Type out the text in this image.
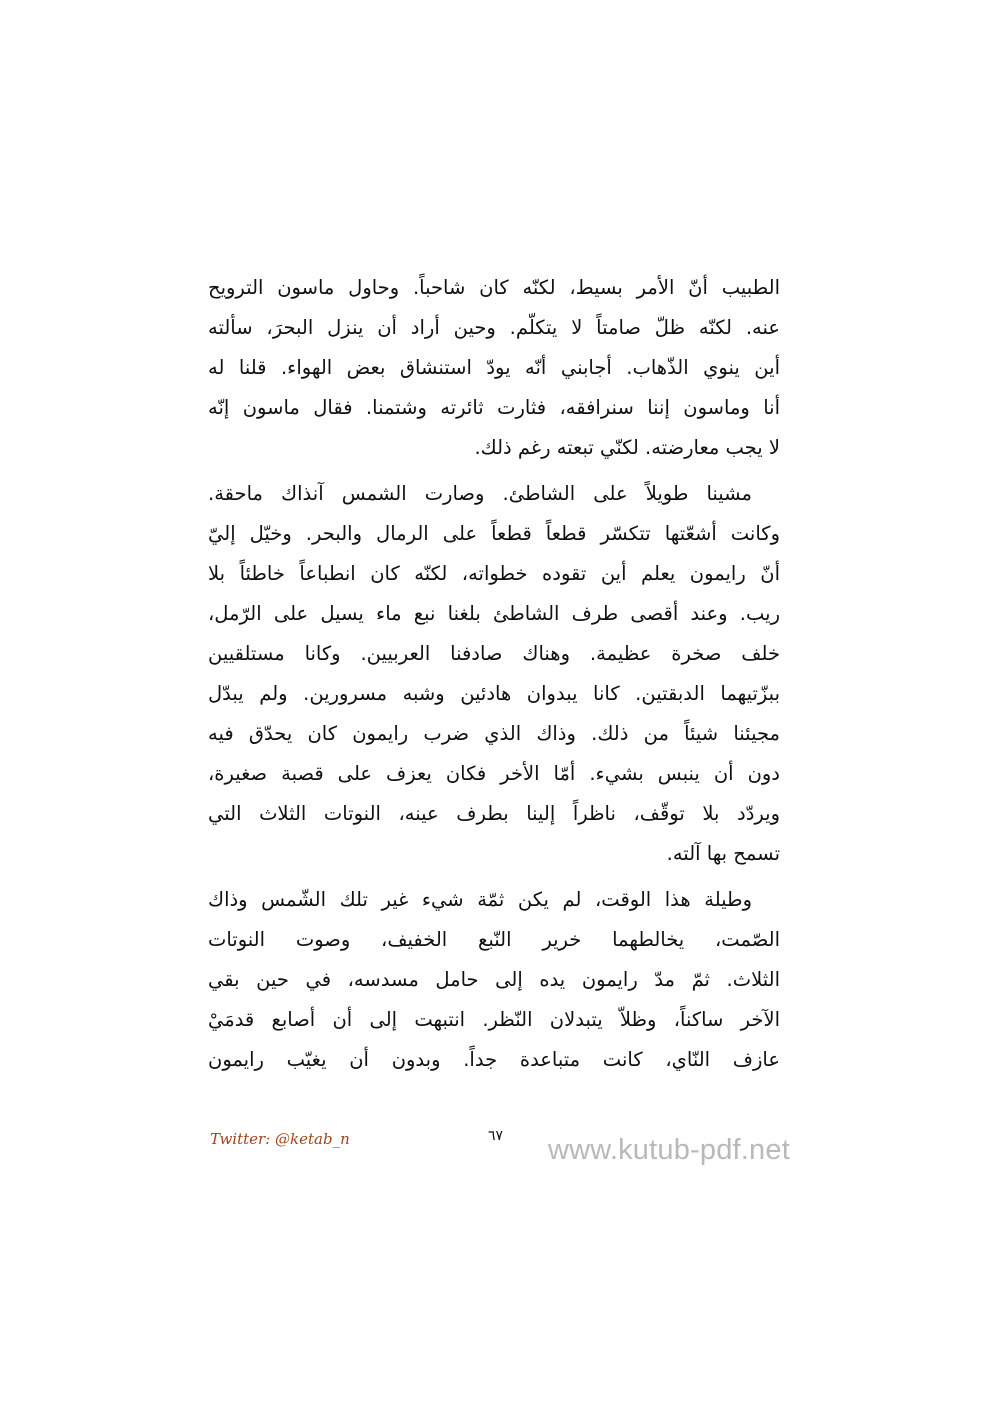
الطبيب أنّ الأمر بسيط، لكنّه كان شاحباً. وحاول ماسون الترويح
عنه. لكنّه ظلّ صامتاً لا يتكلّم. وحين أراد أن ينزل البحرَ، سألته
أين ينوي الذّهاب. أجابني أنّه يودّ استنشاق بعض الهواء. قلنا له
أنا وماسون إننا سنرافقه، فثارت ثائرته وشتمنا. فقال ماسون إنّه
لا يجب معارضته. لكنّي تبعته رغم ذلك.
مشينا طويلاً على الشاطئ. وصارت الشمس آنذاك ماحقة.
وكانت أشعّتها تتكسّر قطعاً قطعاً على الرمال والبحر. وخيّل إليّ
أنّ رايمون يعلم أين تقوده خطواته، لكنّه كان انطباعاً خاطئاً بلا
ريب. وعند أقصى طرف الشاطئ بلغنا نبع ماء يسيل على الرّمل،
خلف صخرة عظيمة. وهناك صادفنا العربيين. وكانا مستلقيين
ببزّتيهما الدبقتين. كانا يبدوان هادئين وشبه مسرورين. ولم يبدّل
مجيئنا شيئاً من ذلك. وذاك الذي ضرب رايمون كان يحدّق فيه
دون أن ينبس بشيء. أمّا الأخر فكان يعزف على قصبة صغيرة،
ويردّد بلا توقّف، ناظراً إلينا بطرف عينه، النوتات الثلاث التي
تسمح بها آلته.
وطيلة هذا الوقت، لم يكن ثمّة شيء غير تلك الشّمس وذاك
الصّمت، يخالطهما خرير النّبع الخفيف، وصوت النوتات
الثلاث. ثمّ مدّ رايمون يده إلى حامل مسدسه، في حين بقي
الآخر ساكناً، وظلاّ يتبدلان النّظر. انتبهت إلى أن أصابع قدمَيْ
عازف النّاي، كانت متباعدة جداً. وبدون أن يغيّب رايمون
Twitter: @ketab_n	٦٧ www.kutub-pdf.net
